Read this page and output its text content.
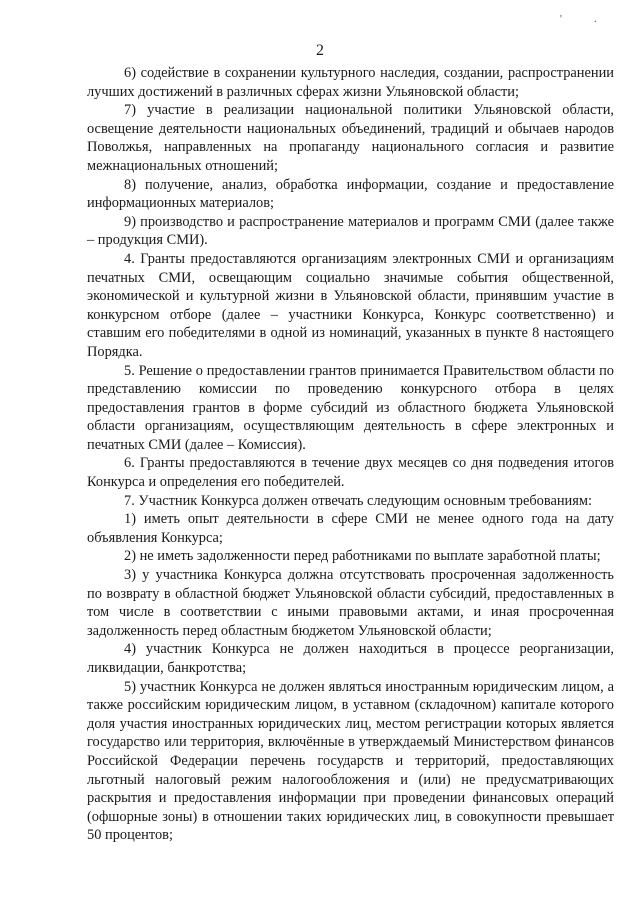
'	.
2

6) содействие в сохранении культурного наследия, создании, распространении лучших достижений в различных сферах жизни Ульяновской области;

7) участие в реализации национальной политики Ульяновской области, освещение деятельности национальных объединений, традиций и обычаев народов Поволжья, направленных на пропаганду национального согласия и развитие межнациональных отношений;

8) получение, анализ, обработка информации, создание и предоставление информационных материалов;

9) производство и распространение материалов и программ СМИ (далее также – продукция СМИ).

4. Гранты предоставляются организациям электронных СМИ и организациям печатных СМИ, освещающим социально значимые события общественной, экономической и культурной жизни в Ульяновской области, принявшим участие в конкурсном отборе (далее – участники Конкурса, Конкурс соответственно) и ставшим его победителями в одной из номинаций, указанных в пункте 8 настоящего Порядка.

5. Решение о предоставлении грантов принимается Правительством области по представлению комиссии по проведению конкурсного отбора в целях предоставления грантов в форме субсидий из областного бюджета Ульяновской области организациям, осуществляющим деятельность в сфере электронных и печатных СМИ (далее – Комиссия).

6. Гранты предоставляются в течение двух месяцев со дня подведения итогов Конкурса и определения его победителей.

7. Участник Конкурса должен отвечать следующим основным требованиям:

1) иметь опыт деятельности в сфере СМИ не менее одного года на дату объявления Конкурса;

2) не иметь задолженности перед работниками по выплате заработной платы;

3) у участника Конкурса должна отсутствовать просроченная задолженность по возврату в областной бюджет Ульяновской области субсидий, предоставленных в том числе в соответствии с иными правовыми актами, и иная просроченная задолженность перед областным бюджетом Ульяновской области;

4) участник Конкурса не должен находиться в процессе реорганизации, ликвидации, банкротства;

5) участник Конкурса не должен являться иностранным юридическим лицом, а также российским юридическим лицом, в уставном (складочном) капитале которого доля участия иностранных юридических лиц, местом регистрации которых является государство или территория, включённые в утверждаемый Министерством финансов Российской Федерации перечень государств и территорий, предоставляющих льготный налоговый режим налогообложения и (или) не предусматривающих раскрытия и предоставления информации при проведении финансовых операций (офшорные зоны) в отношении таких юридических лиц, в совокупности превышает 50 процентов;
